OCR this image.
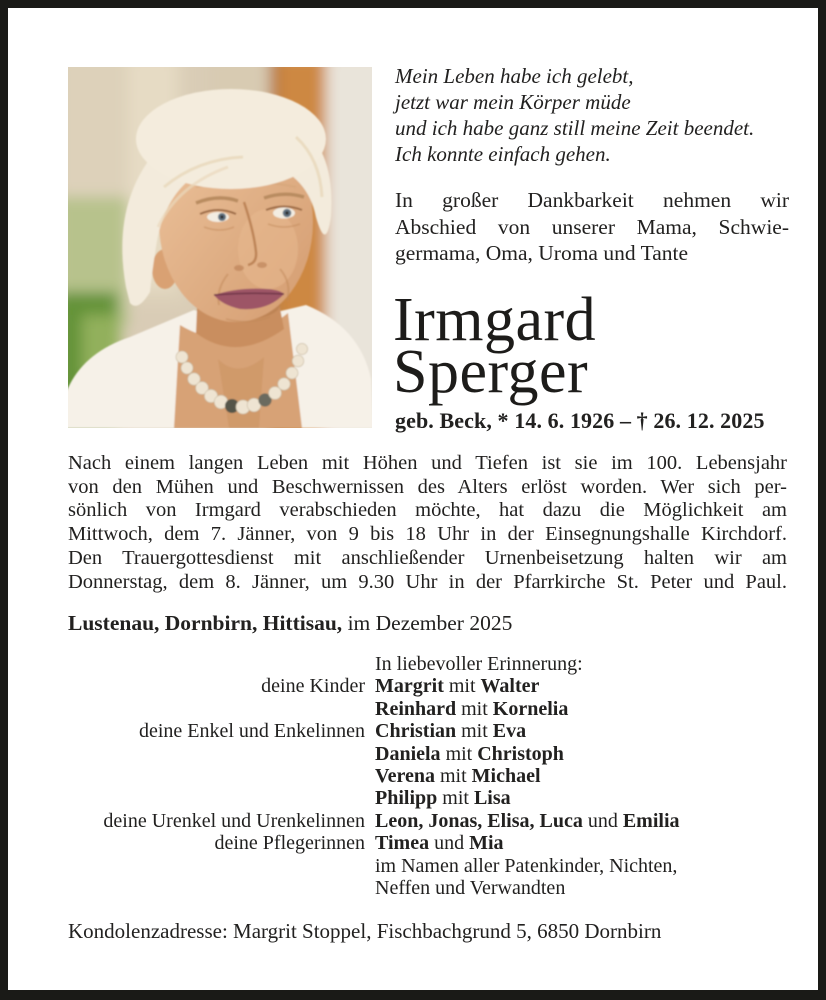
Mein Leben habe ich gelebt,
jetzt war mein Körper müde
und ich habe ganz still meine Zeit beendet.
Ich konnte einfach gehen.
In großer Dankbarkeit nehmen wir
Abschied von unserer Mama, Schwie-
germama, Oma, Uroma und Tante
Irmgard
Sperger
geb. Beck, * 14. 6. 1926 – † 26. 12. 2025
Nach einem langen Leben mit Höhen und Tiefen ist sie im 100. Lebensjahr
von den Mühen und Beschwernissen des Alters erlöst worden. Wer sich per-
sönlich von Irmgard verabschieden möchte, hat dazu die Möglichkeit am
Mittwoch, dem 7. Jänner, von 9 bis 18 Uhr in der Einsegnungshalle Kirchdorf.
Den Trauergottesdienst mit anschließender Urnenbeisetzung halten wir am
Donnerstag, dem 8. Jänner, um 9.30 Uhr in der Pfarrkirche St. Peter und Paul.
Lustenau, Dornbirn, Hittisau, im Dezember 2025
In liebevoller Erinnerung:
deine Kinder Margrit mit Walter
Reinhard mit Kornelia
deine Enkel und Enkelinnen Christian mit Eva
Daniela mit Christoph
Verena mit Michael
Philipp mit Lisa
deine Urenkel und Urenkelinnen Leon, Jonas, Elisa, Luca und Emilia
deine Pflegerinnen Timea und Mia
im Namen aller Patenkinder, Nichten,
Neffen und Verwandten
Kondolenzadresse: Margrit Stoppel, Fischbachgrund 5, 6850 Dornbirn
